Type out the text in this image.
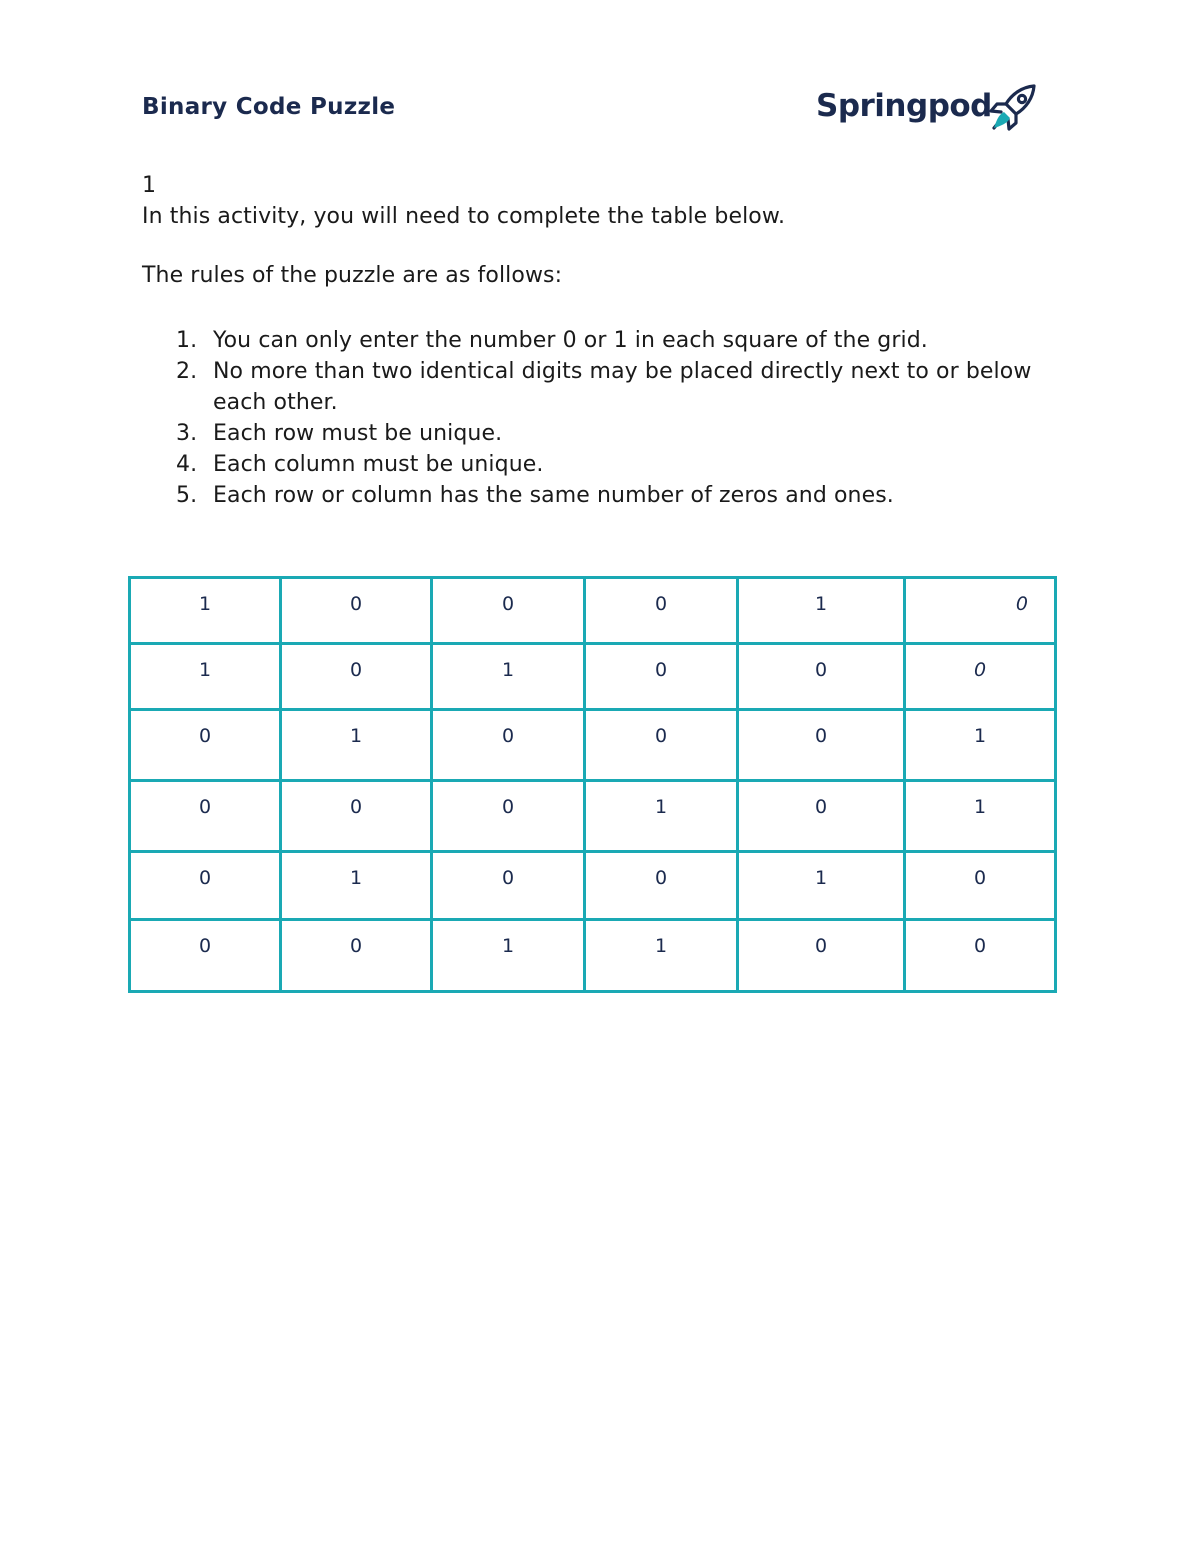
Binary Code Puzzle	Springpod
1
In this activity, you will need to complete the table below.
The rules of the puzzle are as follows:
1. You can only enter the number 0 or 1 in each square of the grid.
2. No more than two identical digits may be placed directly next to or below each other.
3. Each row must be unique.
4. Each column must be unique.
5. Each row or column has the same number of zeros and ones.
1	0	0	0	1	0
1	0	1	0	0	0
0	1	0	0	0	1
0	0	0	1	0	1
0	1	0	0	1	0
0	0	1	1	0	0
